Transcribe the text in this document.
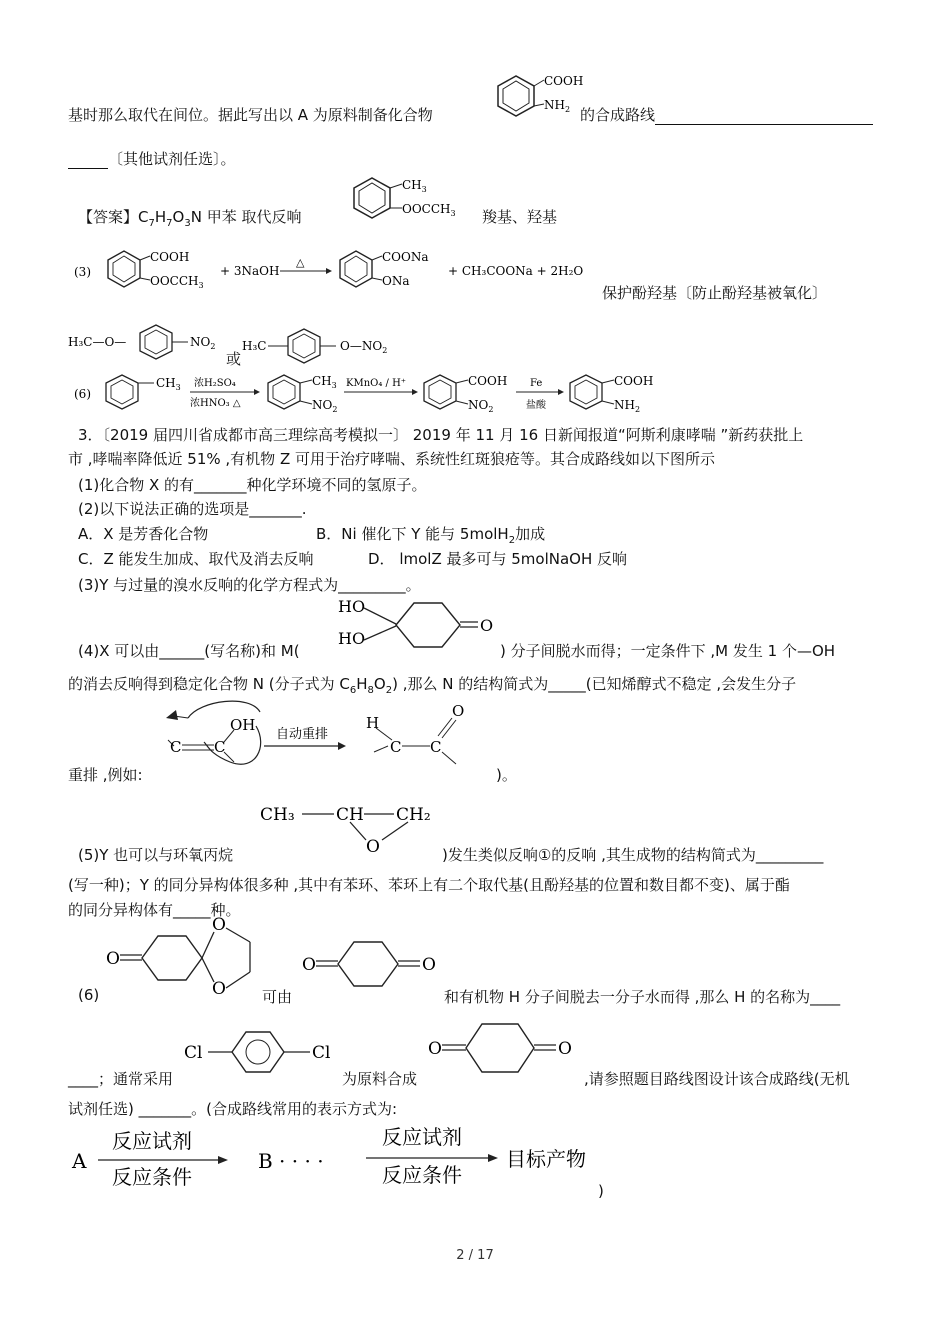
基时那么取代在间位。据此写出以 A 为原料制备化合物
COOH
$NH_2$ 的合成路线
〔其他试剂任选〕。
【答案】$C_7H_7O_3N$ 甲苯 取代反响
$CH_3$
$OOCCH_3$ 羧基、羟基
(3)
COOH
$OOCCH_3$
+ 3NaOH
△	COONa
ONa
+ CH₃COONa + 2H₂O
保护酚羟基〔防止酚羟基被氧化〕
H₃C—O—	$NO_2$
或
H₃C	$O—NO_2$
(6)
$CH_3$ 浓H₂SO₄
浓HNO₃ △
$CH_3$
$NO_2$
KMnO₄ / H⁺	COOH
$NO_2$
Fe
盐酸
COOH
$NH_2$
3．〔2019 届四川省成都市高三理综高考模拟一〕 2019 年 11 月 16 日新闻报道“阿斯利康哮喘 ”新药获批上
市 ,哮喘率降低近 51% ,有机物 Z 可用于治疗哮喘、系统性红斑狼疮等。其合成路线如以下图所示
(1)化合物 X 的有_______种化学环境不同的氢原子。
(2)以下说法正确的选项是_______.
A．X 是芳香化合物	B．Ni 催化下 Y 能与 5molH$_2$加成
C．Z 能发生加成、取代及消去反响	D． lmolZ 最多可与 5molNaOH 反响
(3)Y 与过量的溴水反响的化学方程式为_________。
(4)X 可以由______(写名称)和 M(
HO
HO
O
) 分子间脱水而得；一定条件下 ,M 发生 1 个—OH
的消去反响得到稳定化合物 N (分子式为 $C_6H_8O_2$) ,那么 N 的结构简式为_____(已知烯醇式不稳定 ,会发生分子
C C
OH
自动重排
H
C C
O
重排 ,例如:	)。
CH₃ CH CH₂
O
(5)Y 也可以与环氧丙烷	)发生类似反响①的反响 ,其生成物的结构简式为_________
(写一种)；Y 的同分异构体很多种 ,其中有苯环、苯环上有二个取代基(且酚羟基的位置和数目都不变)、属于酯
的同分异构体有_____种。
O
O
O
(6)	可由
O	O
和有机物 H 分子间脱去一分子水而得 ,那么 H 的名称为____
____；通常采用
Cl	Cl
为原料合成
O	O
,请参照题目路线图设计该合成路线(无机
试剂任选) _______。(合成路线常用的表示方式为:
A
反应试剂
反应条件
B · · · ·
反应试剂
反应条件
目标产物
)
2 / 17
